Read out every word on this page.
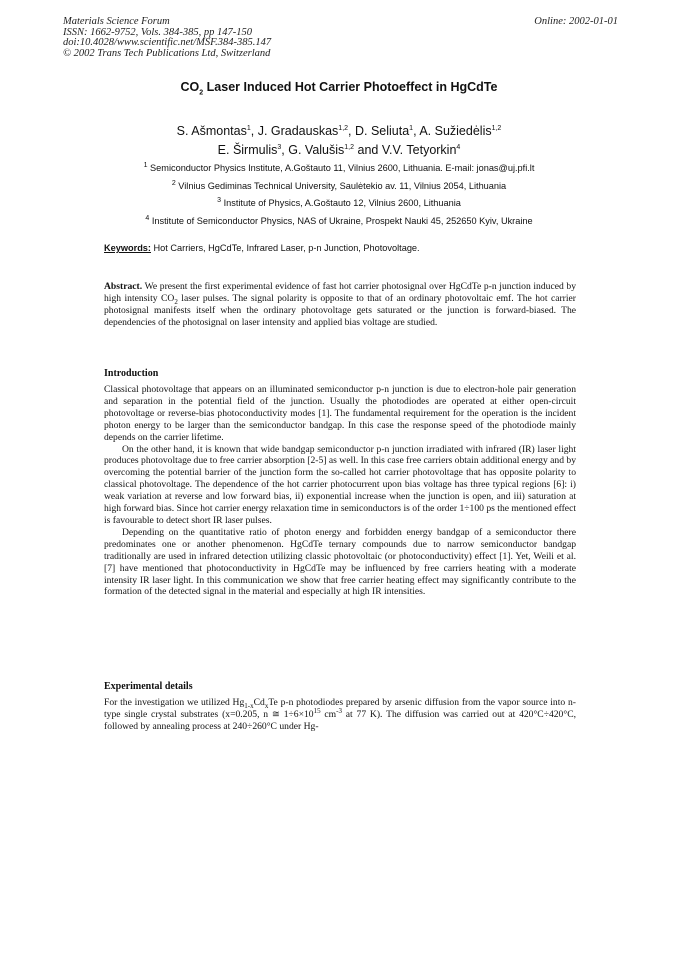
Materials Science Forum
ISSN: 1662-9752, Vols. 384-385, pp 147-150
doi:10.4028/www.scientific.net/MSF.384-385.147
© 2002 Trans Tech Publications Ltd, Switzerland
Online: 2002-01-01
$CO_2$ Laser Induced Hot Carrier Photoeffect in HgCdTe
S. Ašmontas$^1$, J. Gradauskas$^{1,2}$, D. Seliuta$^1$, A. Sužiedėlis$^{1,2}$
E. Širmulis$^3$, G. Valušis$^{1,2}$ and V.V. Tetyorkin$^4$
$^1$ Semiconductor Physics Institute, A.Goštauto 11, Vilnius 2600, Lithuania. E-mail: jonas@uj.pfi.lt
$^2$ Vilnius Gediminas Technical University, Saulėtekio av. 11, Vilnius 2054, Lithuania
$^3$ Institute of Physics, A.Goštauto 12, Vilnius 2600, Lithuania
$^4$ Institute of Semiconductor Physics, NAS of Ukraine, Prospekt Nauki 45, 252650 Kyiv, Ukraine
Keywords: Hot Carriers, HgCdTe, Infrared Laser, p-n Junction, Photovoltage.
Abstract. We present the first experimental evidence of fast hot carrier photosignal over HgCdTe p-n junction induced by high intensity $CO_2$ laser pulses. The signal polarity is opposite to that of an ordinary photovoltaic emf. The hot carrier photosignal manifests itself when the ordinary photovoltage gets saturated or the junction is forward-biased. The dependencies of the photosignal on laser intensity and applied bias voltage are studied.
Introduction
Classical photovoltage that appears on an illuminated semiconductor p-n junction is due to electron-hole pair generation and separation in the potential field of the junction. Usually the photodiodes are operated at either open-circuit photovoltage or reverse-bias photoconductivity modes [1]. The fundamental requirement for the operation is the incident photon energy to be larger than the semiconductor bandgap. In this case the response speed of the photodiode mainly depends on the carrier lifetime.
On the other hand, it is known that wide bandgap semiconductor p-n junction irradiated with infrared (IR) laser light produces photovoltage due to free carrier absorption [2-5] as well. In this case free carriers obtain additional energy and by overcoming the potential barrier of the junction form the so-called hot carrier photovoltage that has opposite polarity to classical photovoltage. The dependence of the hot carrier photocurrent upon bias voltage has three typical regions [6]: i) weak variation at reverse and low forward bias, ii) exponential increase when the junction is open, and iii) saturation at high forward bias. Since hot carrier energy relaxation time in semiconductors is of the order 1÷100 ps the mentioned effect is favourable to detect short IR laser pulses.
Depending on the quantitative ratio of photon energy and forbidden energy bandgap of a semiconductor there predominates one or another phenomenon. HgCdTe ternary compounds due to narrow semiconductor bandgap traditionally are used in infrared detection utilizing classic photovoltaic (or photoconductivity) effect [1]. Yet, Weili et al. [7] have mentioned that photoconductivity in HgCdTe may be influenced by free carriers heating with a moderate intensity IR laser light. In this communication we show that free carrier heating effect may significantly contribute to the formation of the detected signal in the material and especially at high IR intensities.
Experimental details
For the investigation we utilized $Hg_{1-x}Cd_xTe$ p-n photodiodes prepared by arsenic diffusion from the vapor source into n-type single crystal substrates (x=0.205, n ≅ $1\div 6\times 10^{15}$ $cm^{-3}$ at 77 K). The diffusion was carried out at 420°C÷420°C, followed by annealing process at 240÷260°C under Hg-
